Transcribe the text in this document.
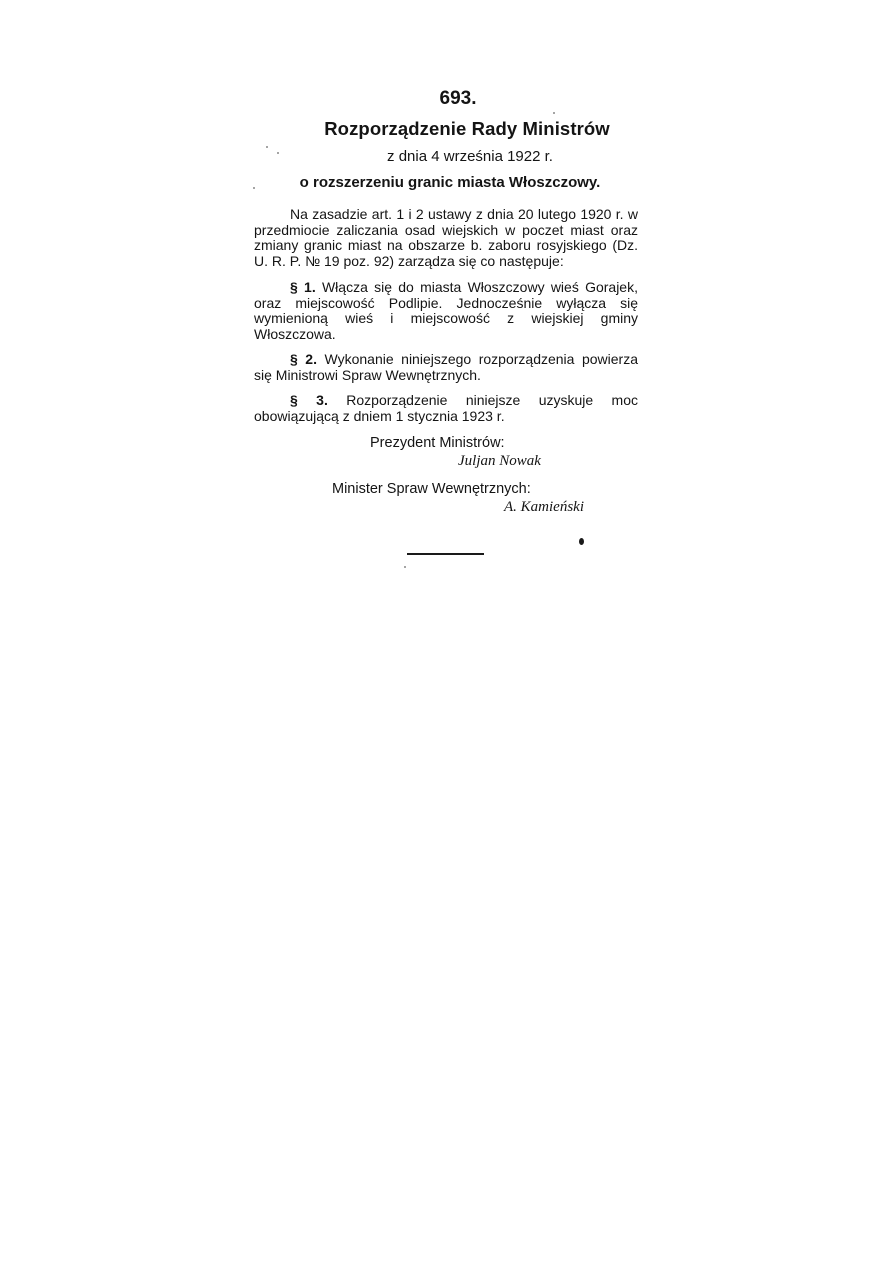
693.
Rozporządzenie Rady Ministrów
z dnia 4 września 1922 r.
o rozszerzeniu granic miasta Włoszczowy.

Na zasadzie art. 1 i 2 ustawy z dnia 20 lutego 1920 r. w przedmiocie zaliczania osad wiejskich w poczet miast oraz zmiany granic miast na obszarze b. zaboru rosyjskiego (Dz. U. R. P. № 19 poz. 92) zarządza się co następuje:

§ 1. Włącza się do miasta Włoszczowy wieś Gorajek, oraz miejscowość Podlipie. Jednocześnie wyłącza się wymienioną wieś i miejscowość z wiejskiej gminy Włoszczowa.

§ 2. Wykonanie niniejszego rozporządzenia powierza się Ministrowi Spraw Wewnętrznych.

§ 3. Rozporządzenie niniejsze uzyskuje moc obowiązującą z dniem 1 stycznia 1923 r.

Prezydent Ministrów:
Juljan Nowak
Minister Spraw Wewnętrznych:
A. Kamieński
